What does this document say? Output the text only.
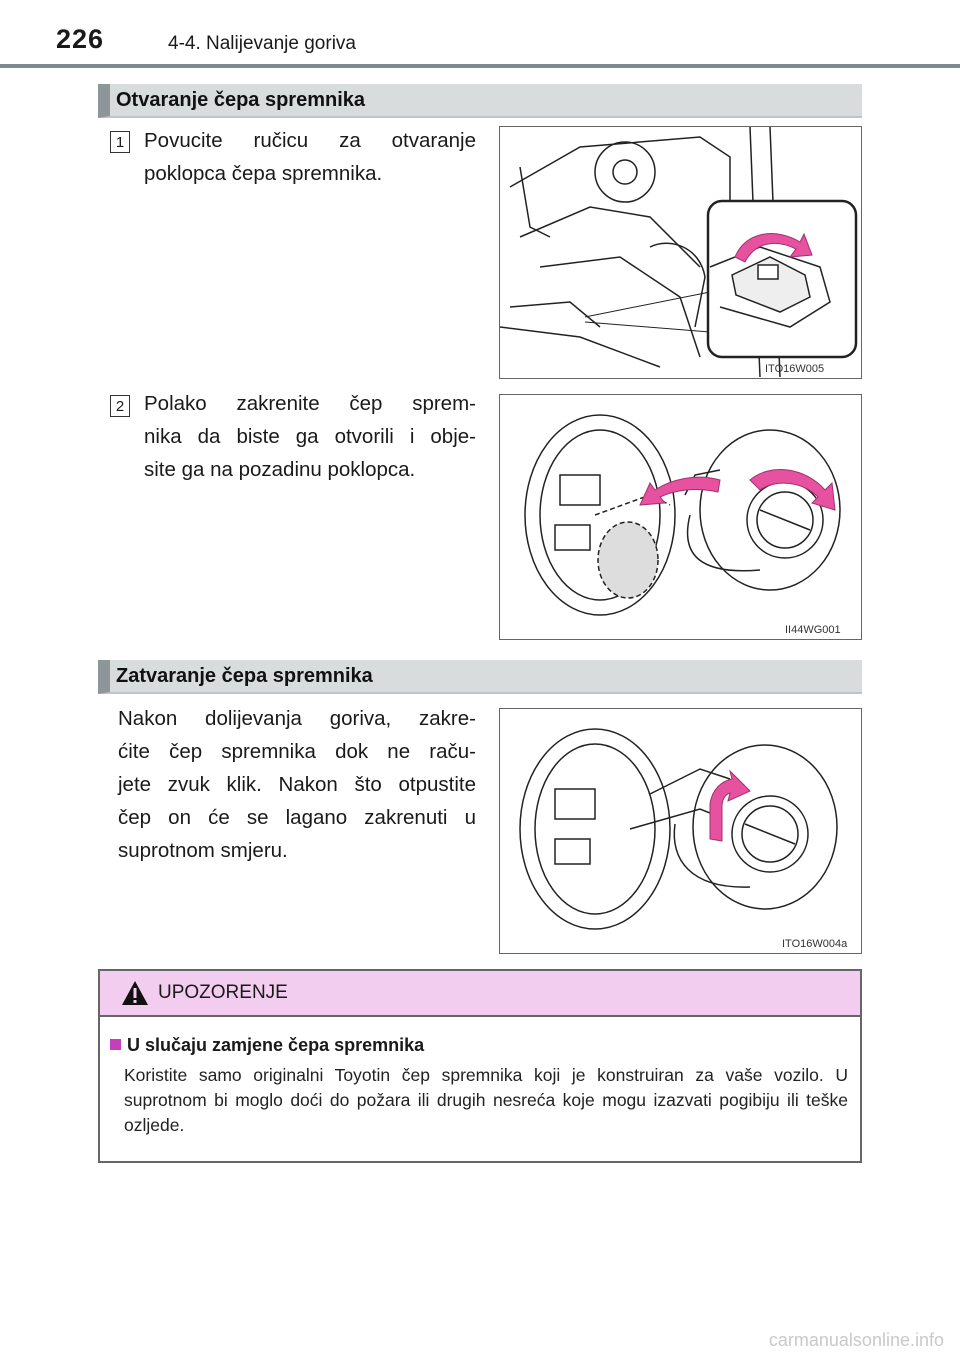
226	4-4. Nalijevanje goriva
Otvaranje čepa spremnika
1 Povucite ručicu za otvaranje
poklopca čepa spremnika.
ITO16W005
2 Polako zakrenite čep sprem-
nika da biste ga otvorili i obje-
site ga na pozadinu poklopca.
II44WG001
Zatvaranje čepa spremnika
Nakon dolijevanja goriva, zakre-
ćite čep spremnika dok ne raču-
jete zvuk klik. Nakon što otpustite
čep on će se lagano zakrenuti u
suprotnom smjeru.
ITO16W004a
UPOZORENJE
U slučaju zamjene čepa spremnika
Koristite samo originalni Toyotin čep spremnika koji je konstruiran za vaše vozilo. U suprotnom bi moglo doći do požara ili drugih nesreća koje mogu izazvati pogibiju ili teške ozljede.
carmanualsonline.info
